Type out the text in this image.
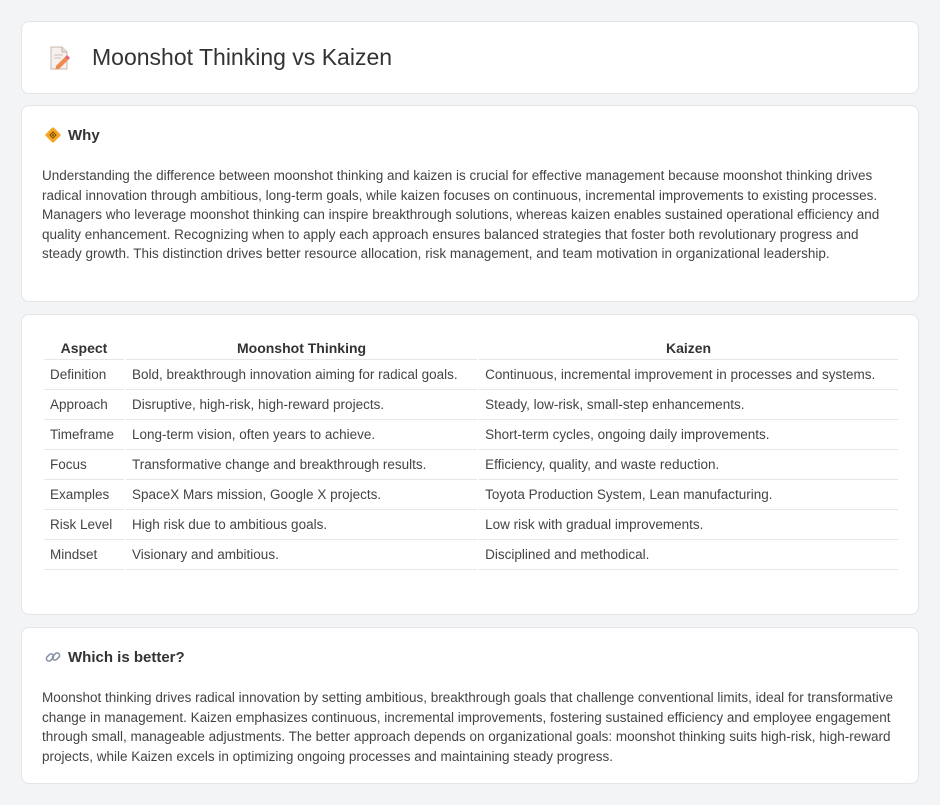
Moonshot Thinking vs Kaizen
Why

Understanding the difference between moonshot thinking and kaizen is crucial for effective management because moonshot thinking drives radical innovation through ambitious, long-term goals, while kaizen focuses on continuous, incremental improvements to existing processes. Managers who leverage moonshot thinking can inspire breakthrough solutions, whereas kaizen enables sustained operational efficiency and quality enhancement. Recognizing when to apply each approach ensures balanced strategies that foster both revolutionary progress and steady growth. This distinction drives better resource allocation, risk management, and team motivation in organizational leadership.

Aspect	Moonshot Thinking	Kaizen
Definition	Bold, breakthrough innovation aiming for radical goals.	Continuous, incremental improvement in processes and systems.
Approach	Disruptive, high-risk, high-reward projects.	Steady, low-risk, small-step enhancements.
Timeframe	Long-term vision, often years to achieve.	Short-term cycles, ongoing daily improvements.
Focus	Transformative change and breakthrough results.	Efficiency, quality, and waste reduction.
Examples	SpaceX Mars mission, Google X projects.	Toyota Production System, Lean manufacturing.
Risk Level	High risk due to ambitious goals.	Low risk with gradual improvements.
Mindset	Visionary and ambitious.	Disciplined and methodical.
Which is better?

Moonshot thinking drives radical innovation by setting ambitious, breakthrough goals that challenge conventional limits, ideal for transformative change in management. Kaizen emphasizes continuous, incremental improvements, fostering sustained efficiency and employee engagement through small, manageable adjustments. The better approach depends on organizational goals: moonshot thinking suits high-risk, high-reward projects, while Kaizen excels in optimizing ongoing processes and maintaining steady progress.
